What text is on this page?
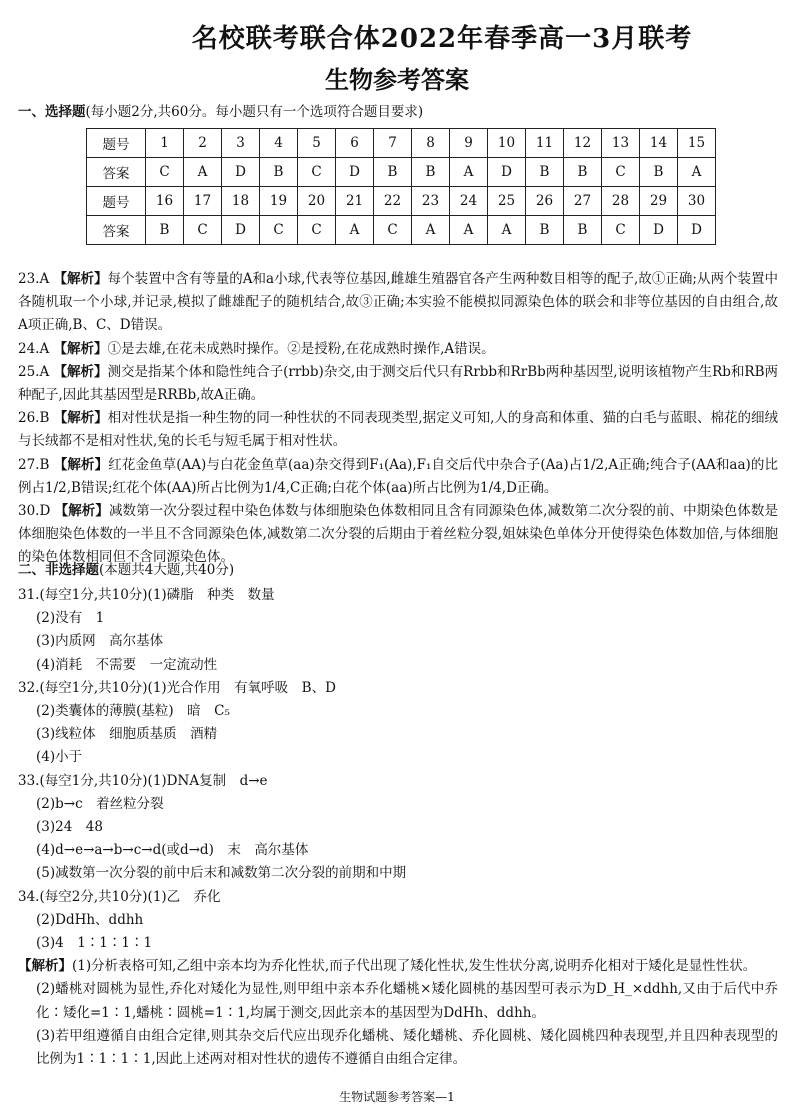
名校联考联合体2022年春季高一3月联考
生物参考答案
一、选择题(每小题2分,共60分。每小题只有一个选项符合题目要求)
题号	1	2	3	4	5	6	7	8	9	10	11	12	13	14	15
答案	C	A	D	B	C	D	B	B	A	D	B	B	C	B	A
题号	16	17	18	19	20	21	22	23	24	25	26	27	28	29	30
答案	B	C	D	C	C	A	C	A	A	A	B	B	C	D	D

23.A 【解析】每个装置中含有等量的A和a小球,代表等位基因,雌雄生殖器官各产生两种数目相等的配子,故①正确;从两个装置中各随机取一个小球,并记录,模拟了雌雄配子的随机结合,故③正确;本实验不能模拟同源染色体的联会和非等位基因的自由组合,故A项正确,B、C、D错误。

24.A 【解析】①是去雄,在花未成熟时操作。②是授粉,在花成熟时操作,A错误。

25.A 【解析】测交是指某个体和隐性纯合子(rrbb)杂交,由于测交后代只有Rrbb和RrBb两种基因型,说明该植物产生Rb和RB两种配子,因此其基因型是RRBb,故A正确。

26.B 【解析】相对性状是指一种生物的同一种性状的不同表现类型,据定义可知,人的身高和体重、猫的白毛与蓝眼、棉花的细绒与长绒都不是相对性状,兔的长毛与短毛属于相对性状。

27.B 【解析】红花金鱼草(AA)与白花金鱼草(aa)杂交得到F₁(Aa),F₁自交后代中杂合子(Aa)占1/2,A正确;纯合子(AA和aa)的比例占1/2,B错误;红花个体(AA)所占比例为1/4,C正确;白花个体(aa)所占比例为1/4,D正确。

30.D 【解析】减数第一次分裂过程中染色体数与体细胞染色体数相同且含有同源染色体,减数第二次分裂的前、中期染色体数是体细胞染色体数的一半且不含同源染色体,减数第二次分裂的后期由于着丝粒分裂,姐妹染色单体分开使得染色体数加倍,与体细胞的染色体数相同但不含同源染色体。

二、非选择题(本题共4大题,共40分)

31.(每空1分,共10分)(1)磷脂　种类　数量

(2)没有　1

(3)内质网　高尔基体

(4)消耗　不需要　一定流动性

32.(每空1分,共10分)(1)光合作用　有氧呼吸　B、D

(2)类囊体的薄膜(基粒)　暗　C₅

(3)线粒体　细胞质基质　酒精

(4)小于

33.(每空1分,共10分)(1)DNA复制　d→e

(2)b→c　着丝粒分裂

(3)24　48

(4)d→e→a→b→c→d(或d→d)　末　高尔基体

(5)减数第一次分裂的前中后末和减数第二次分裂的前期和中期

34.(每空2分,共10分)(1)乙　乔化

(2)DdHh、ddhh

(3)4　1∶1∶1∶1

【解析】(1)分析表格可知,乙组中亲本均为乔化性状,而子代出现了矮化性状,发生性状分离,说明乔化相对于矮化是显性性状。

(2)蟠桃对圆桃为显性,乔化对矮化为显性,则甲组中亲本乔化蟠桃×矮化圆桃的基因型可表示为D_H_×ddhh,又由于后代中乔化∶矮化=1∶1,蟠桃∶圆桃=1∶1,均属于测交,因此亲本的基因型为DdHh、ddhh。

(3)若甲组遵循自由组合定律,则其杂交后代应出现乔化蟠桃、矮化蟠桃、乔化圆桃、矮化圆桃四种表现型,并且四种表现型的比例为1∶1∶1∶1,因此上述两对相对性状的遗传不遵循自由组合定律。

生物试题参考答案—1
